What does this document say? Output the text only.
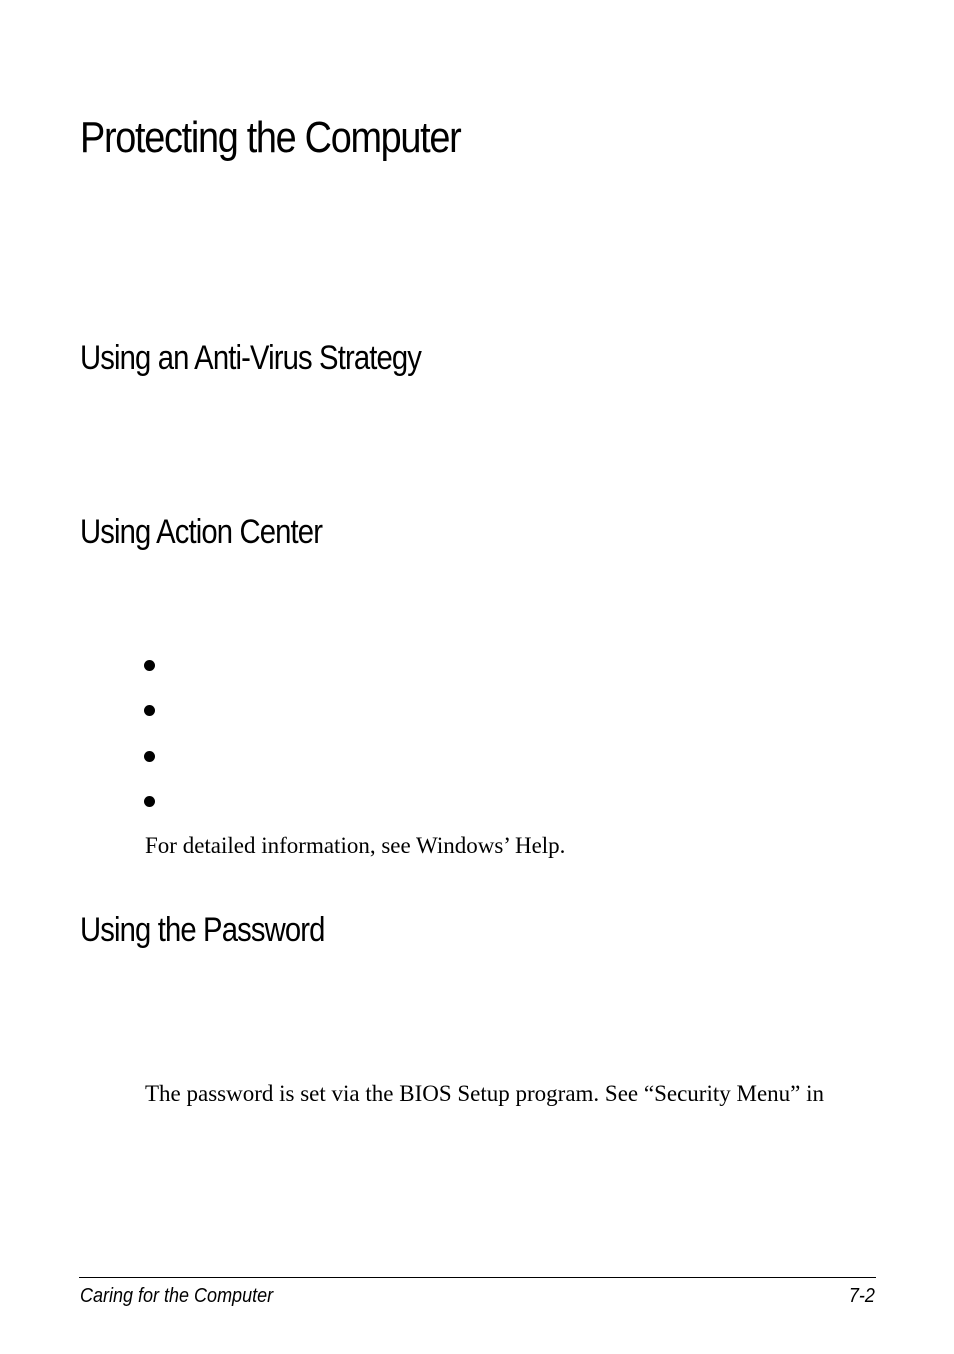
Protecting the Computer
Using an Anti-Virus Strategy
Using Action Center

For detailed information, see Windows’ Help.

Using the Password

The password is set via the BIOS Setup program. See “Security Menu” in

Caring for the Computer	7-2
